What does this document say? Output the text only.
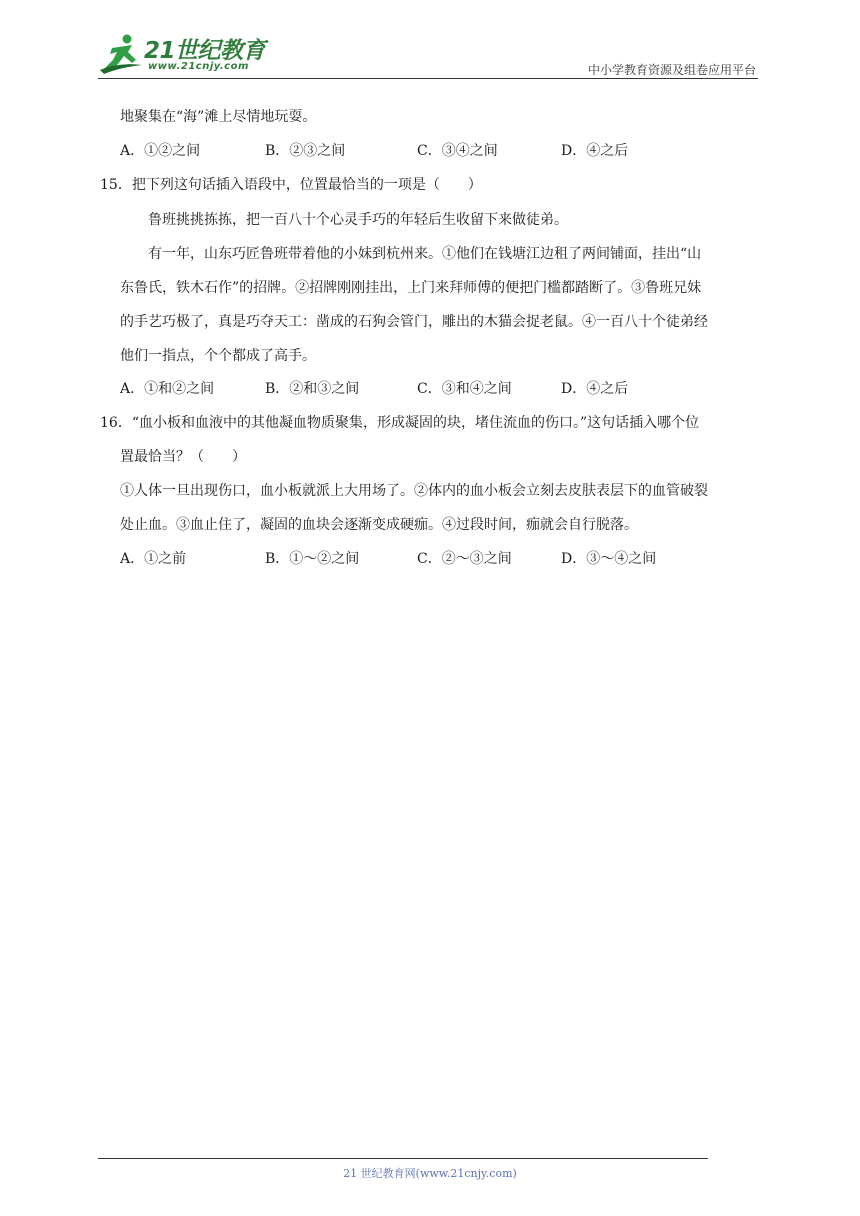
21世纪教育
www.21cnjy.com	中小学教育资源及组卷应用平台
地聚集在“海”滩上尽情地玩耍。
A．①②之间	B．②③之间	C．③④之间	D．④之后
15．把下列这句话插入语段中，位置最恰当的一项是（　　）
鲁班挑挑拣拣，把一百八十个心灵手巧的年轻后生收留下来做徒弟。
有一年，山东巧匠鲁班带着他的小妹到杭州来。①他们在钱塘江边租了两间铺面，挂出“山
东鲁氏，铁木石作”的招牌。②招牌刚刚挂出，上门来拜师傅的便把门槛都踏断了。③鲁班兄妹
的手艺巧极了，真是巧夺天工：凿成的石狗会管门，雕出的木猫会捉老鼠。④一百八十个徒弟经
他们一指点，个个都成了高手。
A．①和②之间	B．②和③之间	C．③和④之间	D．④之后
16．“血小板和血液中的其他凝血物质聚集，形成凝固的块，堵住流血的伤口。”这句话插入哪个位
置最恰当？（　　）
①人体一旦出现伤口，血小板就派上大用场了。②体内的血小板会立刻去皮肤表层下的血管破裂
处止血。③血止住了，凝固的血块会逐渐变成硬痂。④过段时间，痂就会自行脱落。
A．①之前	B．①～②之间	C．②～③之间	D．③～④之间
21 世纪教育网(www.21cnjy.com)
